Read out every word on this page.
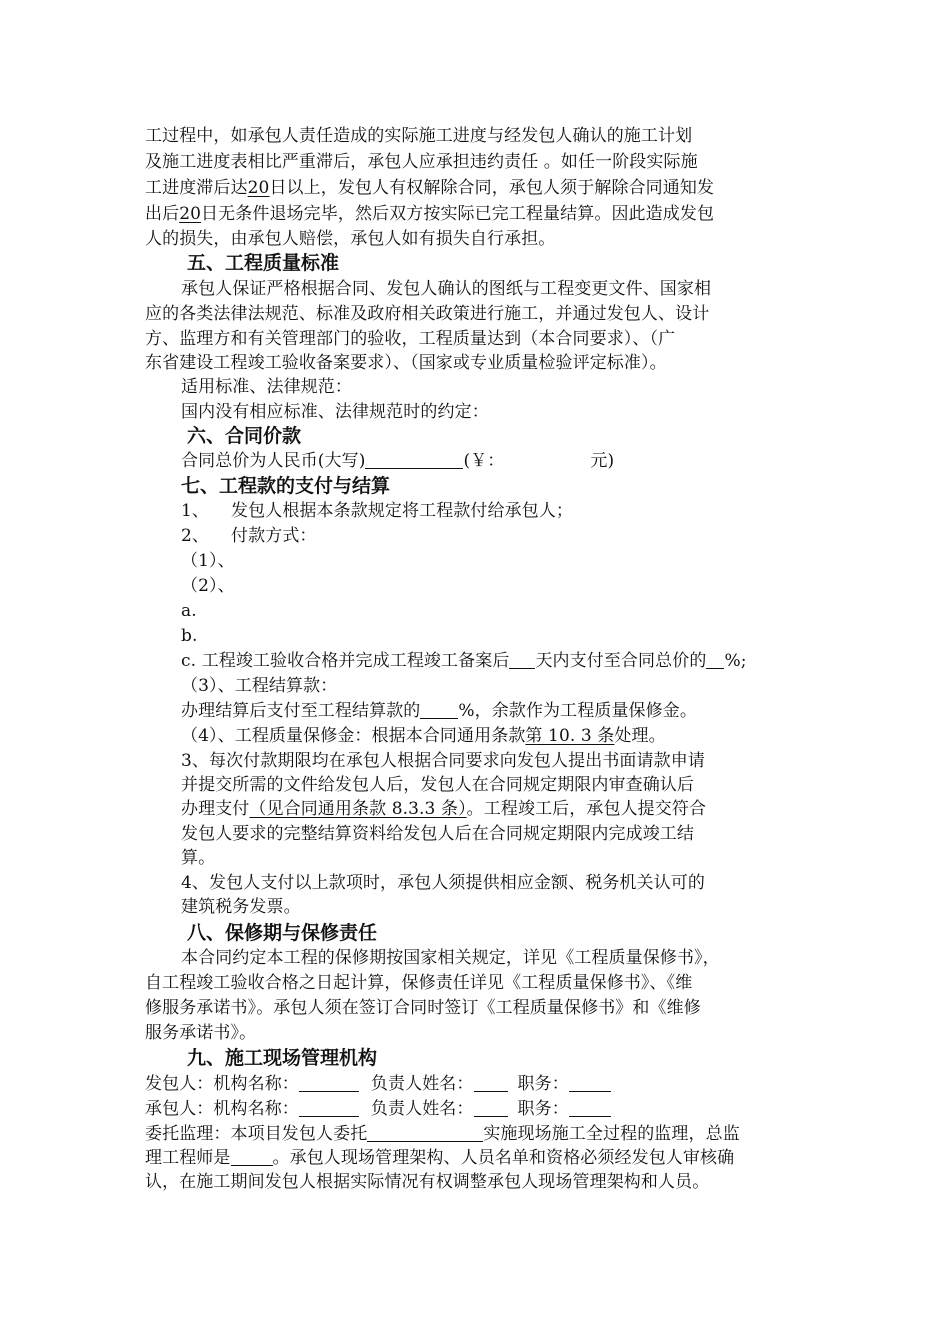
工过程中，如承包人责任造成的实际施工进度与经发包人确认的施工计划
及施工进度表相比严重滞后，承包人应承担违约责任 。如任一阶段实际施
工进度滞后达20日以上，发包人有权解除合同，承包人须于解除合同通知发
出后20日无条件退场完毕，然后双方按实际已完工程量结算。因此造成发包
人的损失，由承包人赔偿，承包人如有损失自行承担。
五、工程质量标准
承包人保证严格根据合同、发包人确认的图纸与工程变更文件、国家相
应的各类法律法规范、标准及政府相关政策进行施工，并通过发包人、设计
方、监理方和有关管理部门的验收，工程质量达到（本合同要求）、（广
东省建设工程竣工验收备案要求）、（国家或专业质量检验评定标准）。
适用标准、法律规范：
国内没有相应标准、法律规范时的约定：
六、合同价款
合同总价为人民币(大写)	(￥：	元)
七、工程款的支付与结算
1、    发包人根据本条款规定将工程款付给承包人；
2、    付款方式：
（1）、
（2）、
a.
b.
c. 工程竣工验收合格并完成工程竣工备案后 天内支付至合同总价的 %;
（3）、工程结算款：
办理结算后支付至工程结算款的 %，余款作为工程质量保修金。
（4）、工程质量保修金：根据本合同通用条款第 10. 3 条处理。
3、每次付款期限均在承包人根据合同要求向发包人提出书面请款申请
并提交所需的文件给发包人后，发包人在合同规定期限内审查确认后
办理支付（见合同通用条款 8.3.3 条）。工程竣工后，承包人提交符合
发包人要求的完整结算资料给发包人后在合同规定期限内完成竣工结
算。
4、发包人支付以上款项时，承包人须提供相应金额、税务机关认可的
建筑税务发票。
八、保修期与保修责任
本合同约定本工程的保修期按国家相关规定，详见《工程质量保修书》，
自工程竣工验收合格之日起计算，保修责任详见《工程质量保修书》、《维
修服务承诺书》。承包人须在签订合同时签订《工程质量保修书》和《维修
服务承诺书》。
九、施工现场管理机构
发包人：机构名称：	负责人姓名：	职务：
承包人：机构名称：	负责人姓名：	职务：
委托监理：本项目发包人委托	实施现场施工全过程的监理，总监
理工程师是 。承包人现场管理架构、人员名单和资格必须经发包人审核确
认，在施工期间发包人根据实际情况有权调整承包人现场管理架构和人员。
